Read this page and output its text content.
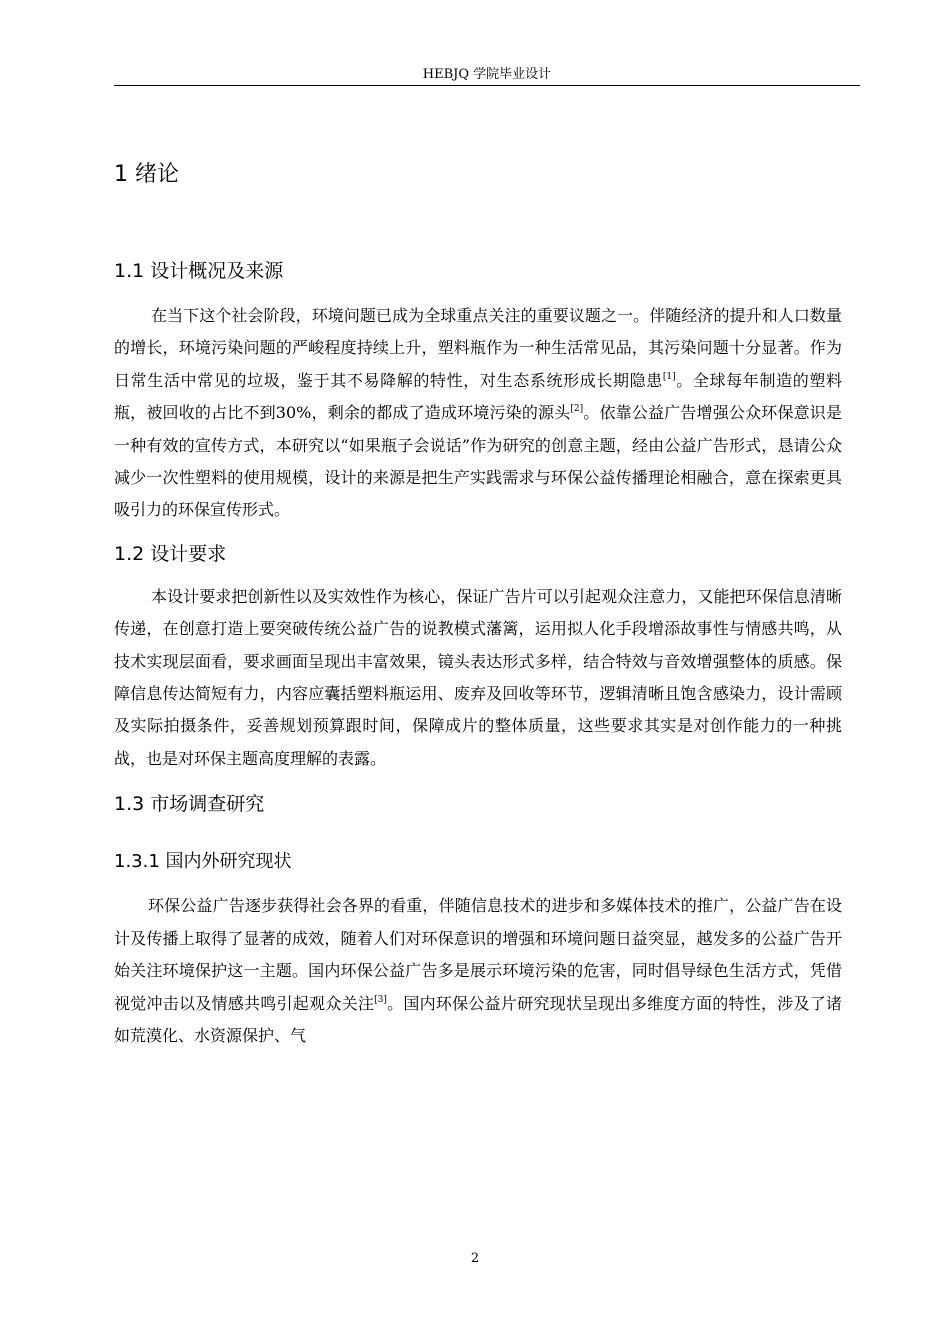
HEBJQ 学院毕业设计
1 绪论
1.1 设计概况及来源

在当下这个社会阶段，环境问题已成为全球重点关注的重要议题之一。伴随经济的提升和人口数量的增长，环境污染问题的严峻程度持续上升，塑料瓶作为一种生活常见品，其污染问题十分显著。作为日常生活中常见的垃圾，鉴于其不易降解的特性，对生态系统形成长期隐患[1]。全球每年制造的塑料瓶，被回收的占比不到30%，剩余的都成了造成环境污染的源头[2]。依靠公益广告增强公众环保意识是一种有效的宣传方式，本研究以“如果瓶子会说话”作为研究的创意主题，经由公益广告形式，恳请公众减少一次性塑料的使用规模，设计的来源是把生产实践需求与环保公益传播理论相融合，意在探索更具吸引力的环保宣传形式。

1.2 设计要求

本设计要求把创新性以及实效性作为核心，保证广告片可以引起观众注意力，又能把环保信息清晰传递，在创意打造上要突破传统公益广告的说教模式藩篱，运用拟人化手段增添故事性与情感共鸣，从技术实现层面看，要求画面呈现出丰富效果，镜头表达形式多样，结合特效与音效增强整体的质感。保障信息传达简短有力，内容应囊括塑料瓶运用、废弃及回收等环节，逻辑清晰且饱含感染力，设计需顾及实际拍摄条件，妥善规划预算跟时间，保障成片的整体质量，这些要求其实是对创作能力的一种挑战，也是对环保主题高度理解的表露。

1.3 市场调查研究
1.3.1 国内外研究现状

环保公益广告逐步获得社会各界的看重，伴随信息技术的进步和多媒体技术的推广，公益广告在设计及传播上取得了显著的成效，随着人们对环保意识的增强和环境问题日益突显，越发多的公益广告开始关注环境保护这一主题。国内环保公益广告多是展示环境污染的危害，同时倡导绿色生活方式，凭借视觉冲击以及情感共鸣引起观众关注[3]。国内环保公益片研究现状呈现出多维度方面的特性，涉及了诸如荒漠化、水资源保护、气

2
